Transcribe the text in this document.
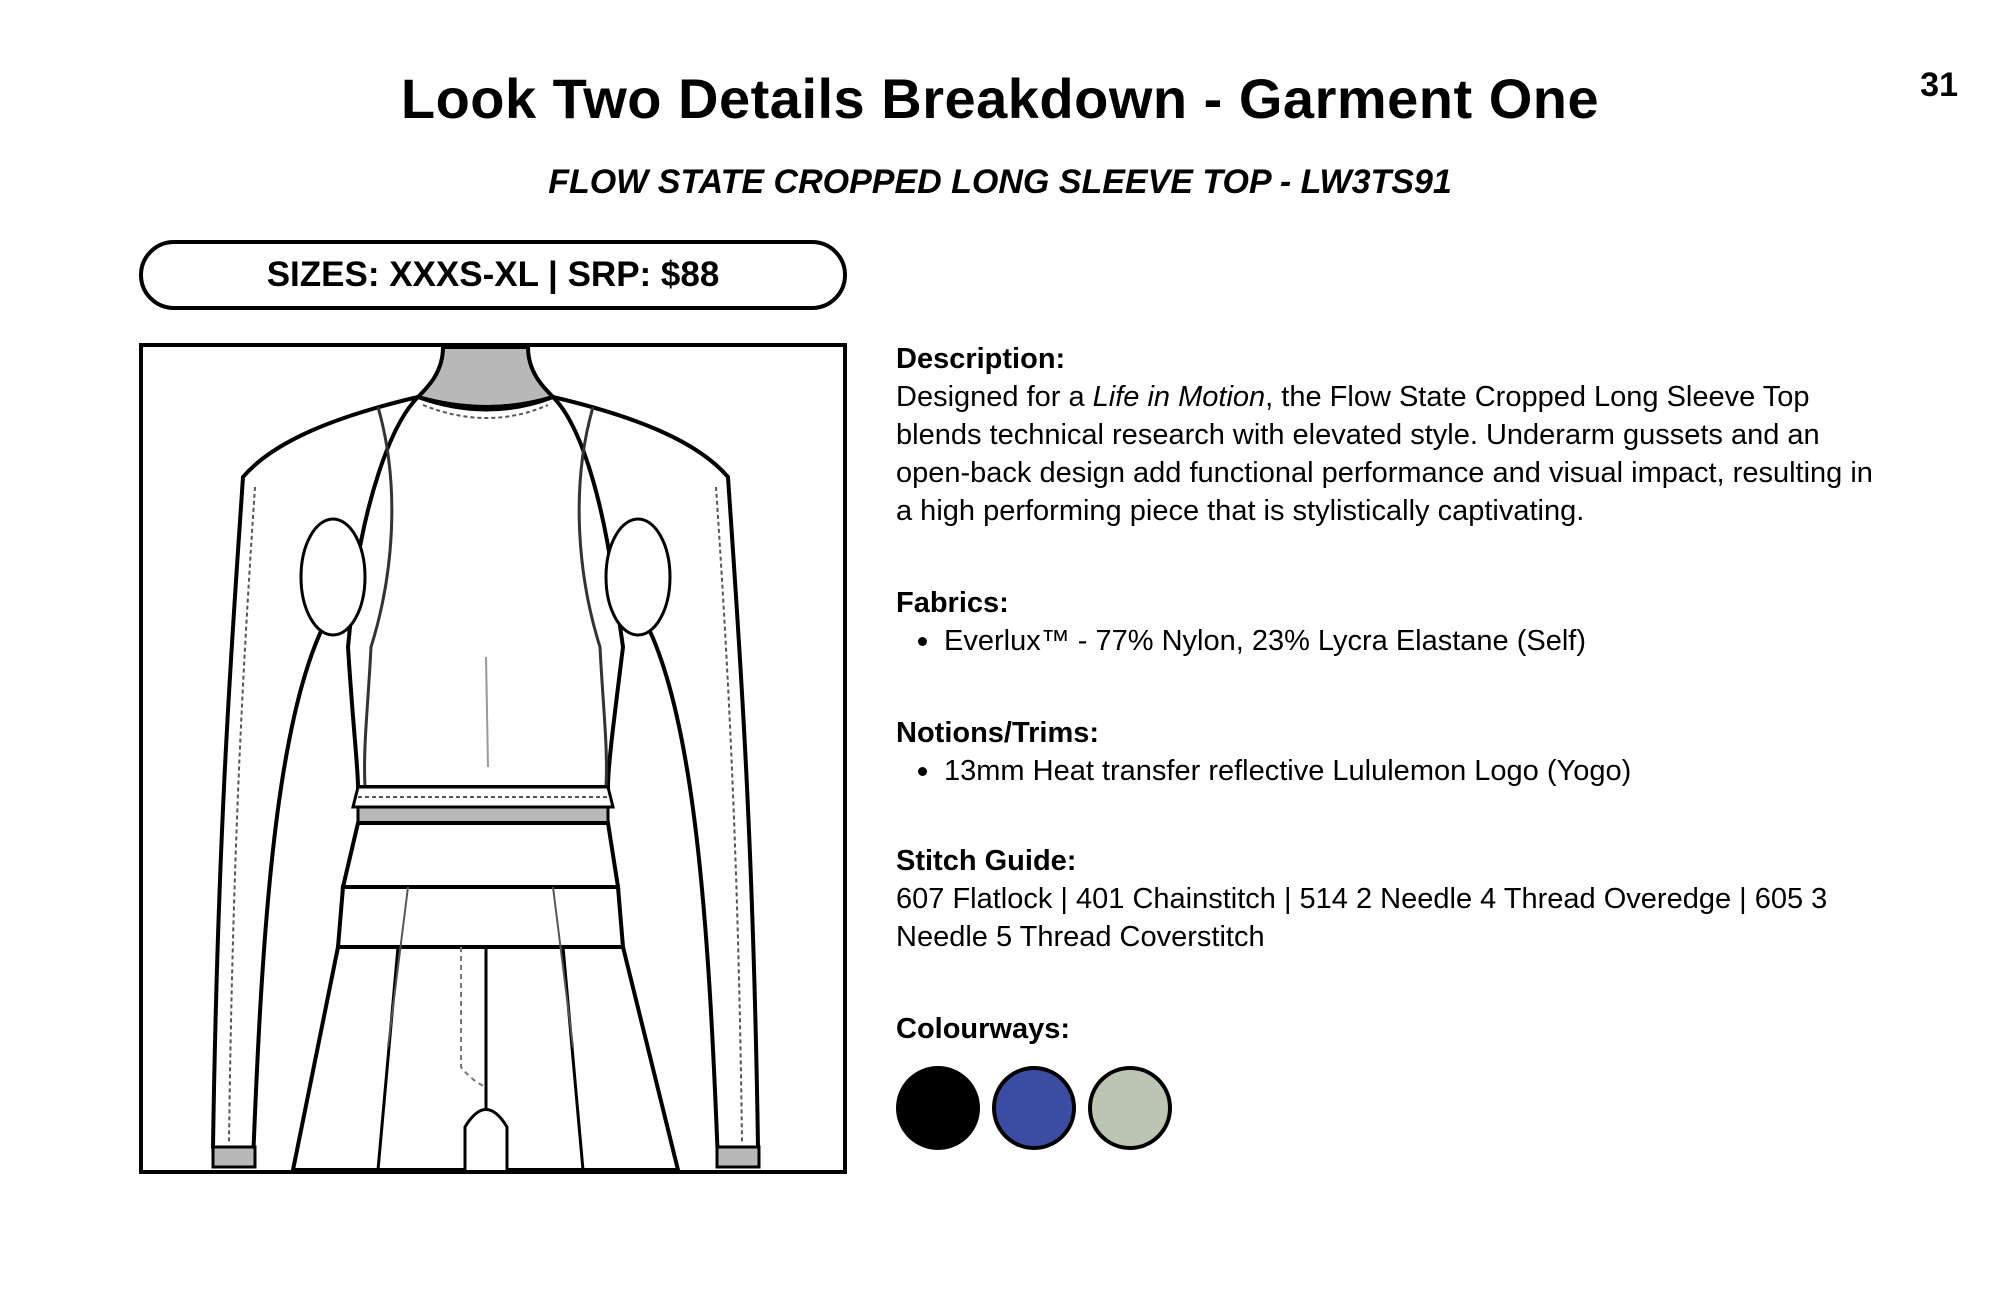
31
Look Two Details Breakdown - Garment One
FLOW STATE CROPPED LONG SLEEVE TOP - LW3TS91
SIZES: XXXS-XL | SRP: $88

Description:

Designed for a Life in Motion, the Flow State Cropped Long Sleeve Top blends technical research with elevated style. Underarm gussets and an open-back design add functional performance and visual impact, resulting in a high performing piece that is stylistically captivating.

Fabrics:

Everlux™ - 77% Nylon, 23% Lycra Elastane (Self)

Notions/Trims:

13mm Heat transfer reflective Lululemon Logo (Yogo)

Stitch Guide:

607 Flatlock | 401 Chainstitch | 514 2 Needle 4 Thread Overedge | 605 3 Needle 5 Thread Coverstitch

Colourways:
